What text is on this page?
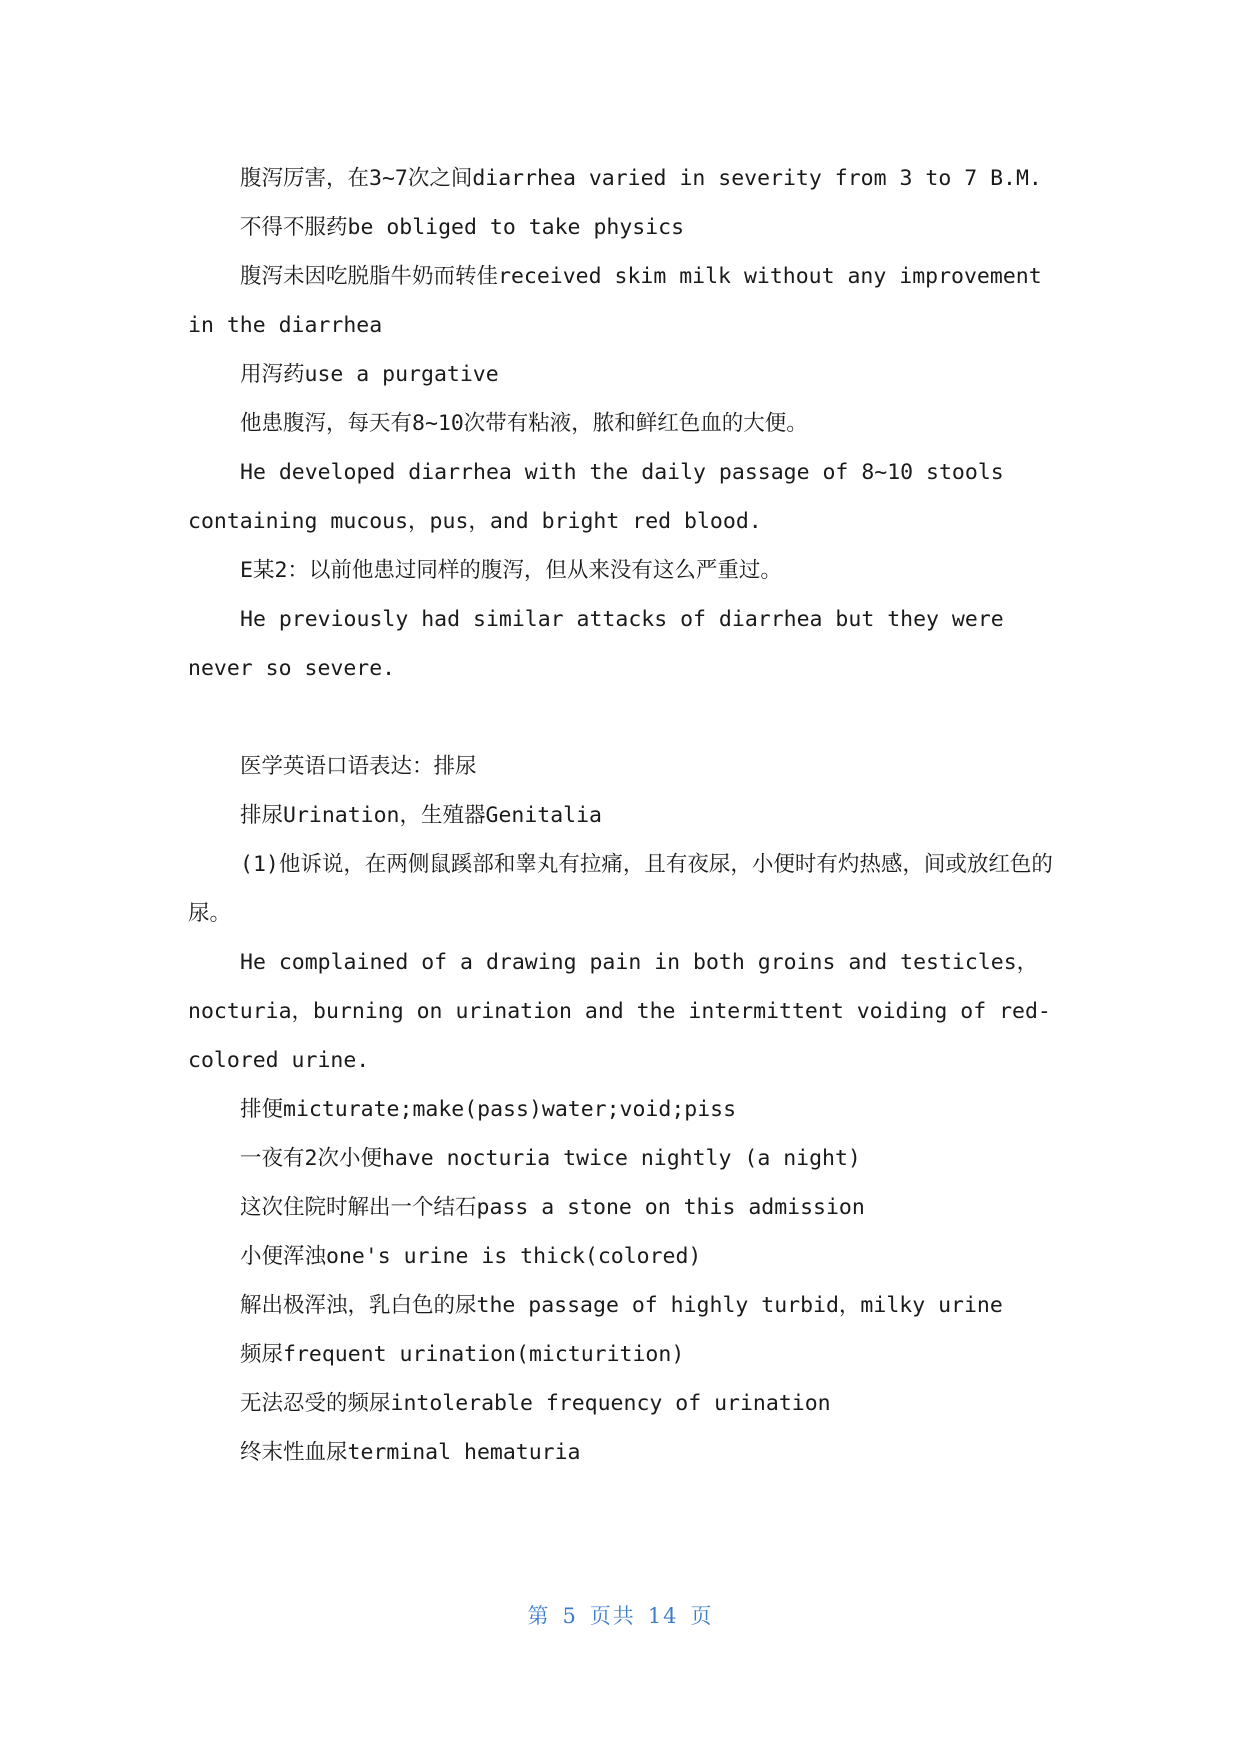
腹泻厉害，在3~7次之间diarrhea varied in severity from 3 to 7 B.M.

不得不服药be obliged to take physics

腹泻未因吃脱脂牛奶而转佳received skim milk without any improvement in the diarrhea

用泻药use a purgative

他患腹泻，每天有8~10次带有粘液，脓和鲜红色血的大便。

He developed diarrhea with the daily passage of 8~10 stools containing mucous，pus，and bright red blood.

E某2：以前他患过同样的腹泻，但从来没有这么严重过。

He previously had similar attacks of diarrhea but they were never so severe.

医学英语口语表达：排尿

排尿Urination，生殖器Genitalia

(1)他诉说，在两侧鼠蹊部和睾丸有拉痛，且有夜尿，小便时有灼热感，间或放红色的尿。

He complained of a drawing pain in both groins and testicles，nocturia，burning on urination and the intermittent voiding of red-colored urine.

排便micturate;make(pass)water;void;piss

一夜有2次小便have nocturia twice nightly (a night)

这次住院时解出一个结石pass a stone on this admission

小便浑浊one's urine is thick(colored)

解出极浑浊，乳白色的尿the passage of highly turbid，milky urine

频尿frequent urination(micturition)

无法忍受的频尿intolerable frequency of urination

终末性血尿terminal hematuria

第 5 页共 14 页
